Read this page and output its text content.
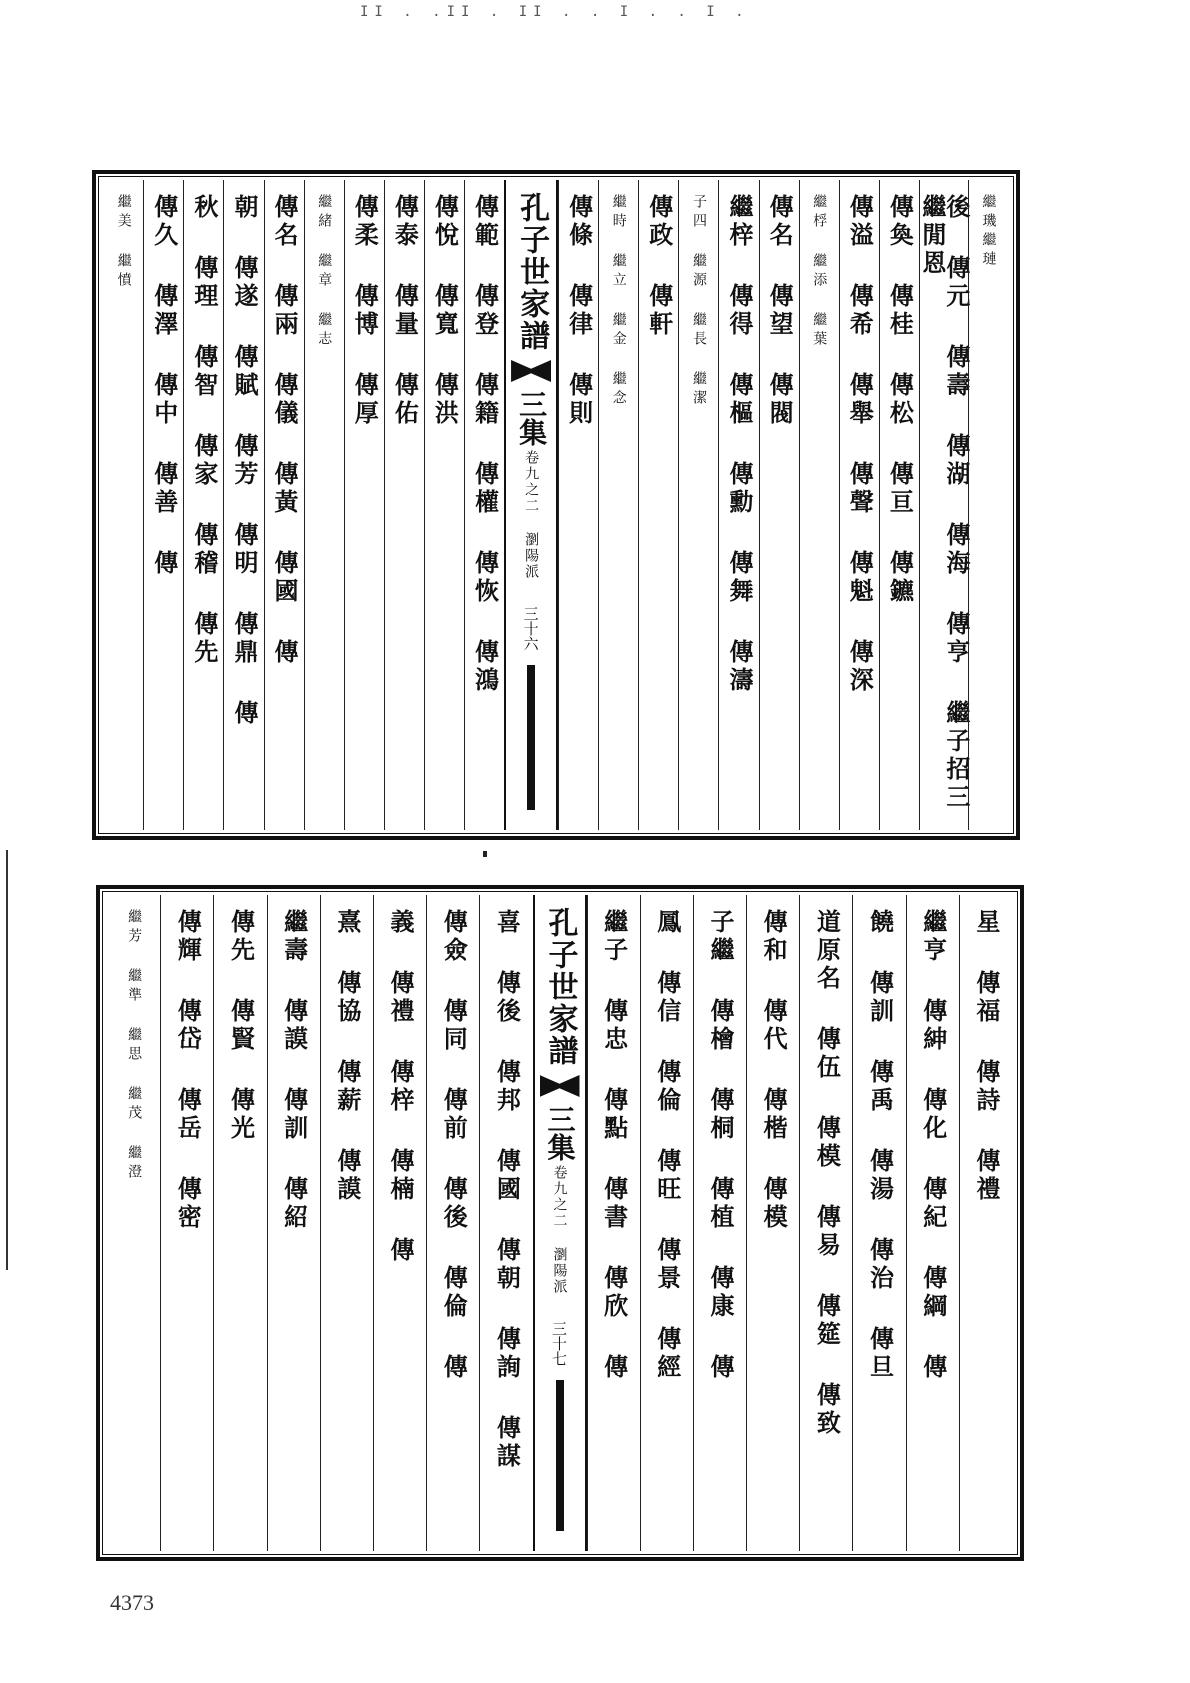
II . .II . II . . I . . I .
繼璣繼璉
後 傳元 傳壽 傳湖 傳海 傳亨 繼子招三 繼閒恩
傳奐 傳桂 傳松 傳亘 傳鑣
傳溢 傳希 傳舉 傳聲 傳魁 傳深
繼桴 繼添 繼葉
傳名 傳望 傳閥
繼梓 傳得 傳樞 傳勳 傳舞 傳濤
子四 繼源 繼長 繼潔
傳政 傳軒
繼時 繼立 繼金 繼念
傳條 傳律 傳則
孔子世家譜
三集
卷九之二 瀏陽派
三十六
傳範 傳登 傳籍 傳權 傳恢 傳鴻
傳悅 傳寬 傳洪
傳泰 傳量 傳佑
傳柔 傳博 傳厚
繼緒 繼章 繼志
傳名 傳兩 傳儀 傳黃 傳國 傳
朝 傳遂 傳賦 傳芳 傳明 傳鼎 傳
秋 傳理 傳智 傳家 傳稽 傳先
傳久 傳澤 傳中 傳善 傳
繼美 繼憤
星 傳福 傳詩 傳禮
繼亨 傳紳 傳化 傳紀 傳綱 傳
饒 傳訓 傳禹 傳湯 傳治 傳旦
道原名 傳伍 傳模 傳易 傳筵 傳致
傳和 傳代 傳楷 傳模
子繼 傳檜 傳桐 傳植 傳康 傳
鳳 傳信 傳倫 傳旺 傳景 傳經
繼子 傳忠 傳點 傳書 傳欣 傳
孔子世家譜
三集
卷九之二 瀏陽派
三十七
喜 傳後 傳邦 傳國 傳朝 傳詢 傳謀
傳僉 傳同 傳前 傳後 傳倫 傳
義 傳禮 傳梓 傳楠 傳
熹 傳協 傳薪 傳謨
繼壽 傳謨 傳訓 傳紹
傳先 傳賢 傳光
傳輝 傳岱 傳岳 傳密
繼芳 繼準 繼思 繼茂 繼澄
4373
